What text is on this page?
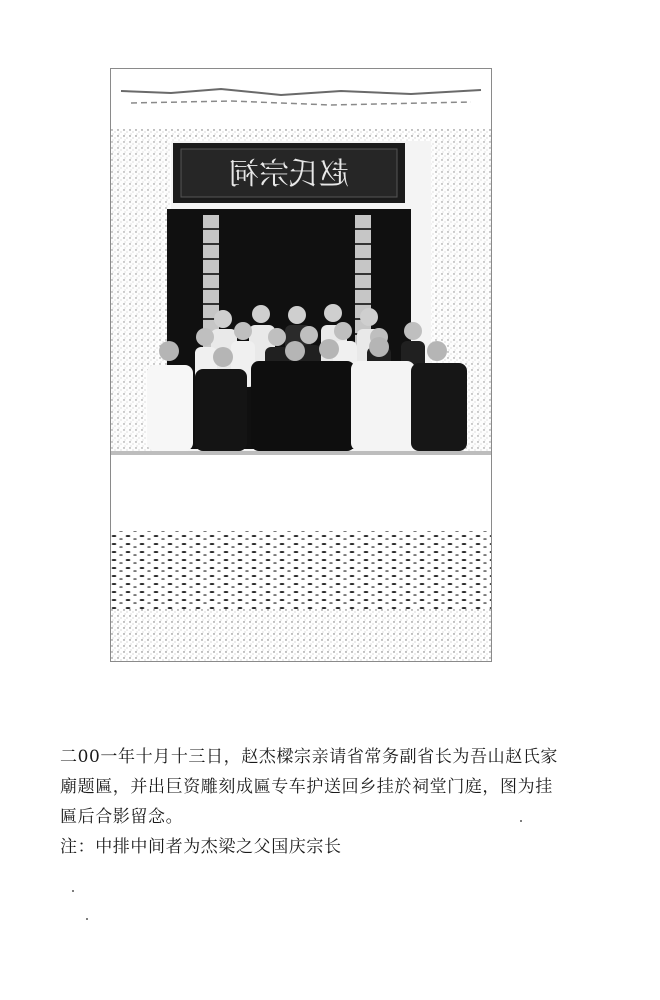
赵氏宗祠

二00一年十月十三日，赵杰樑宗亲请省常务副省长为吾山赵氏家廟题匾，并出巨资雕刻成匾专车护送回乡挂於祠堂门庭，图为挂匾后合影留念。

注：中排中间者为杰梁之父国庆宗长
